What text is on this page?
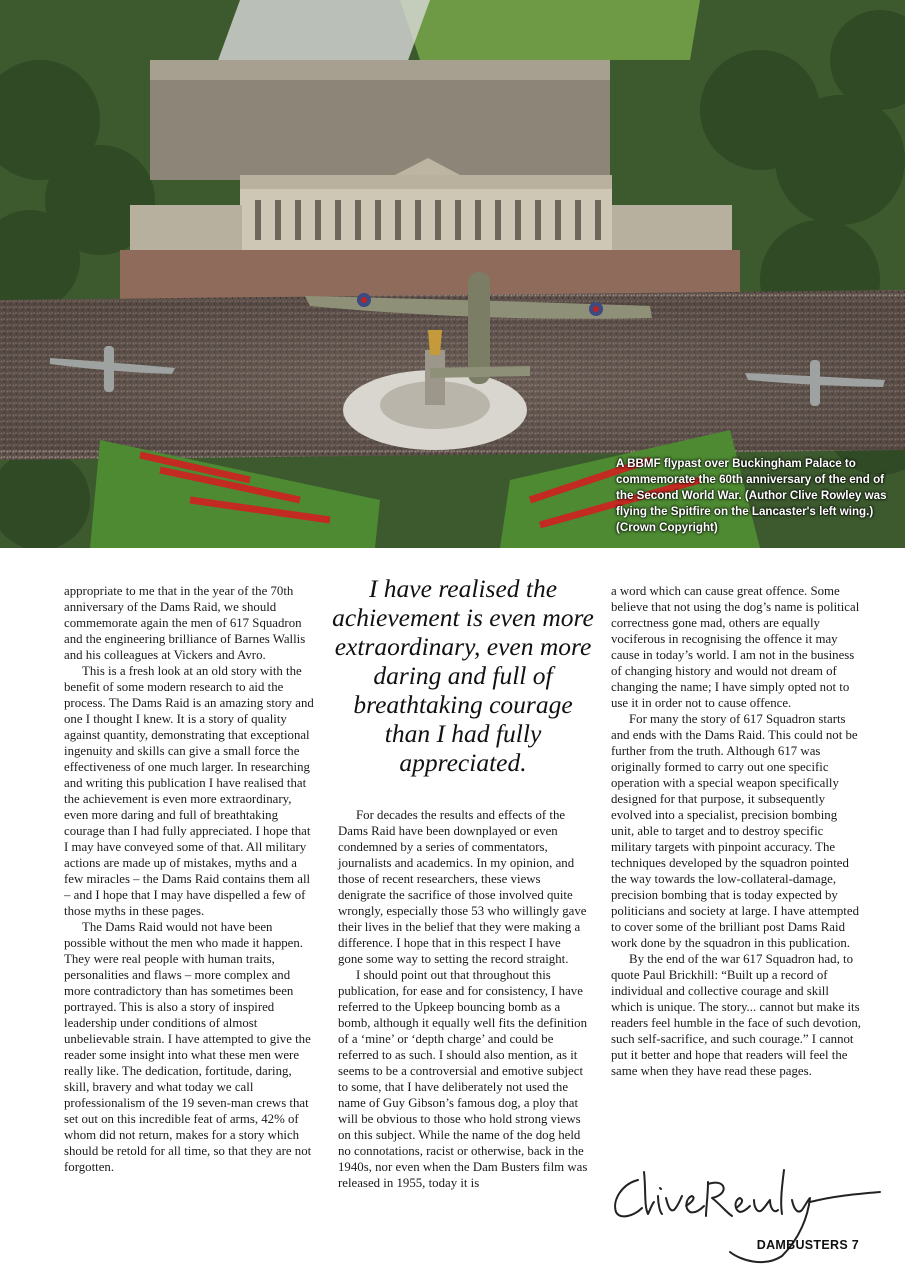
A BBMF flypast over Buckingham Palace to commemorate the 60th anniversary of the end of the Second World War. (Author Clive Rowley was flying the Spitfire on the Lancaster's left wing.) (Crown Copyright)

appropriate to me that in the year of the 70th anniversary of the Dams Raid, we should commemorate again the men of 617 Squadron and the engineering brilliance of Barnes Wallis and his colleagues at Vickers and Avro.

This is a fresh look at an old story with the benefit of some modern research to aid the process. The Dams Raid is an amazing story and one I thought I knew. It is a story of quality against quantity, demonstrating that exceptional ingenuity and skills can give a small force the effectiveness of one much larger. In researching and writing this publication I have realised that the achievement is even more extraordinary, even more daring and full of breathtaking courage than I had fully appreciated. I hope that I may have conveyed some of that. All military actions are made up of mistakes, myths and a few miracles – the Dams Raid contains them all – and I hope that I may have dispelled a few of those myths in these pages.

The Dams Raid would not have been possible without the men who made it happen. They were real people with human traits, personalities and flaws – more complex and more contradictory than has sometimes been portrayed. This is also a story of inspired leadership under conditions of almost unbelievable strain. I have attempted to give the reader some insight into what these men were really like. The dedication, fortitude, daring, skill, bravery and what today we call professionalism of the 19 seven-man crews that set out on this incredible feat of arms, 42% of whom did not return, makes for a story which should be retold for all time, so that they are not forgotten.

I have realised the achievement is even more extraordinary, even more daring and full of breathtaking courage than I had fully appreciated.

For decades the results and effects of the Dams Raid have been downplayed or even condemned by a series of commentators, journalists and academics. In my opinion, and those of recent researchers, these views denigrate the sacrifice of those involved quite wrongly, especially those 53 who willingly gave their lives in the belief that they were making a difference. I hope that in this respect I have gone some way to setting the record straight.

I should point out that throughout this publication, for ease and for consistency, I have referred to the Upkeep bouncing bomb as a bomb, although it equally well fits the definition of a ‘mine’ or ‘depth charge’ and could be referred to as such. I should also mention, as it seems to be a controversial and emotive subject to some, that I have deliberately not used the name of Guy Gibson’s famous dog, a ploy that will be obvious to those who hold strong views on this subject. While the name of the dog held no connotations, racist or otherwise, back in the 1940s, nor even when the Dam Busters film was released in 1955, today it is

a word which can cause great offence. Some believe that not using the dog’s name is political correctness gone mad, others are equally vociferous in recognising the offence it may cause in today’s world. I am not in the business of changing history and would not dream of changing the name; I have simply opted not to use it in order not to cause offence.

For many the story of 617 Squadron starts and ends with the Dams Raid. This could not be further from the truth. Although 617 was originally formed to carry out one specific operation with a special weapon specifically designed for that purpose, it subsequently evolved into a specialist, precision bombing unit, able to target and to destroy specific military targets with pinpoint accuracy. The techniques developed by the squadron pointed the way towards the low-collateral-damage, precision bombing that is today expected by politicians and society at large. I have attempted to cover some of the brilliant post Dams Raid work done by the squadron in this publication.

By the end of the war 617 Squadron had, to quote Paul Brickhill: “Built up a record of individual and collective courage and skill which is unique. The story... cannot but make its readers feel humble in the face of such devotion, such self-sacrifice, and such courage.” I cannot put it better and hope that readers will feel the same when they have read these pages.

DAMBUSTERS 7
